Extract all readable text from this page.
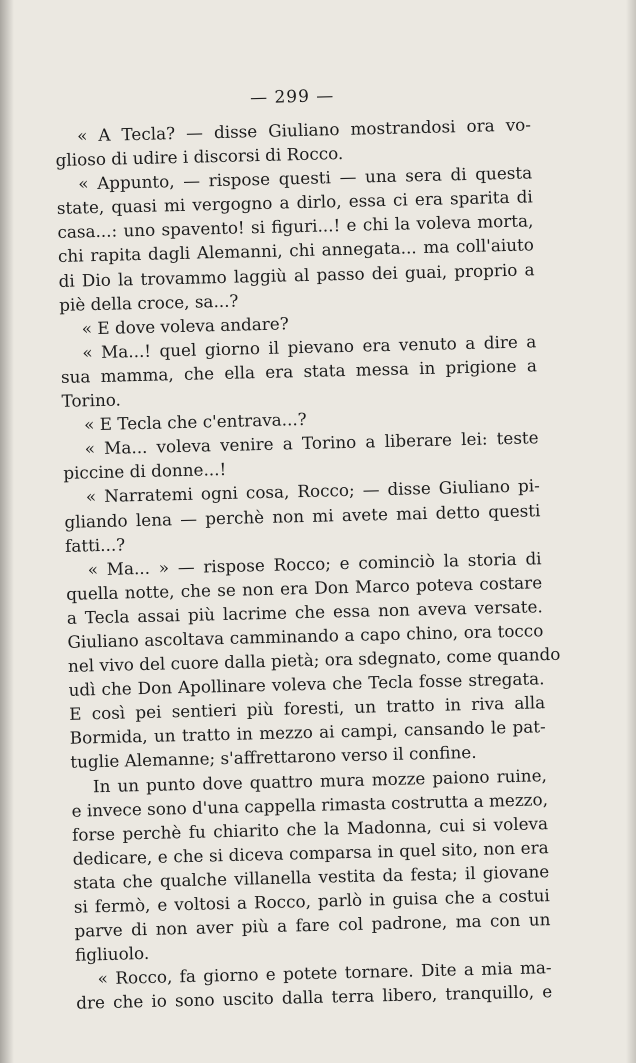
— 299 —

« A Tecla? — disse Giuliano mostrandosi ora vo-

glioso di udire i discorsi di Rocco.

« Appunto, — rispose questi — una sera di questa

state, quasi mi vergogno a dirlo, essa ci era sparita di

casa...: uno spavento! si figuri...! e chi la voleva morta,

chi rapita dagli Alemanni, chi annegata... ma coll'aiuto

di Dio la trovammo laggiù al passo dei guai, proprio a

piè della croce, sa...?

« E dove voleva andare?

« Ma...! quel giorno il pievano era venuto a dire a

sua mamma, che ella era stata messa in prigione a

Torino.

« E Tecla che c'entrava...?

« Ma... voleva venire a Torino a liberare lei: teste

piccine di donne...!

« Narratemi ogni cosa, Rocco; — disse Giuliano pi-

gliando lena — perchè non mi avete mai detto questi

fatti...?

« Ma... » — rispose Rocco; e cominciò la storia di

quella notte, che se non era Don Marco poteva costare

a Tecla assai più lacrime che essa non aveva versate.

Giuliano ascoltava camminando a capo chino, ora tocco

nel vivo del cuore dalla pietà; ora sdegnato, come quando

udì che Don Apollinare voleva che Tecla fosse stregata.

E così pei sentieri più foresti, un tratto in riva alla

Bormida, un tratto in mezzo ai campi, cansando le pat-

tuglie Alemanne; s'affrettarono verso il confine.

In un punto dove quattro mura mozze paiono ruine,

e invece sono d'una cappella rimasta costrutta a mezzo,

forse perchè fu chiarito che la Madonna, cui si voleva

dedicare, e che si diceva comparsa in quel sito, non era

stata che qualche villanella vestita da festa; il giovane

si fermò, e voltosi a Rocco, parlò in guisa che a costui

parve di non aver più a fare col padrone, ma con un

figliuolo.

« Rocco, fa giorno e potete tornare. Dite a mia ma-

dre che io sono uscito dalla terra libero, tranquillo, e
